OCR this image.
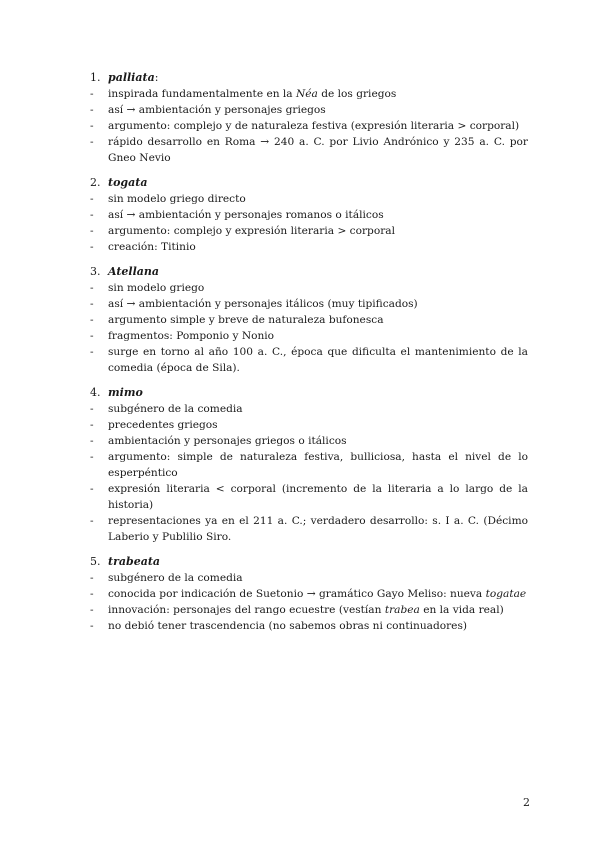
1. palliata :
- inspirada fundamentalmente en la Néa de los griegos
- así → ambientación y personajes griegos
- argumento: complejo y de naturaleza festiva (expresión literaria > corporal)
- rápido desarrollo en Roma → 240 a. C. por Livio Andrónico y 235 a. C. por Gneo Nevio
2. togata
- sin modelo griego directo
- así → ambientación y personajes romanos o itálicos
- argumento: complejo y expresión literaria > corporal
- creación: Titinio
3. Atellana
- sin modelo griego
- así → ambientación y personajes itálicos (muy tipificados)
- argumento simple y breve de naturaleza bufonesca
- fragmentos: Pomponio y Nonio
- surge en torno al año 100 a. C., época que dificulta el mantenimiento de la comedia (época de Sila).
4. mimo
- subgénero de la comedia
- precedentes griegos
- ambientación y personajes griegos o itálicos
- argumento: simple de naturaleza festiva, bulliciosa, hasta el nivel de lo esperpéntico
- expresión literaria < corporal (incremento de la literaria a lo largo de la historia)
- representaciones ya en el 211 a. C.; verdadero desarrollo: s. I a. C. (Décimo Laberio y Publilio Siro.
5. trabeata
- subgénero de la comedia
- conocida por indicación de Suetonio → gramático Gayo Meliso: nueva togatae
- innovación: personajes del rango ecuestre (vestían trabea en la vida real)
- no debió tener trascendencia (no sabemos obras ni continuadores)
2
